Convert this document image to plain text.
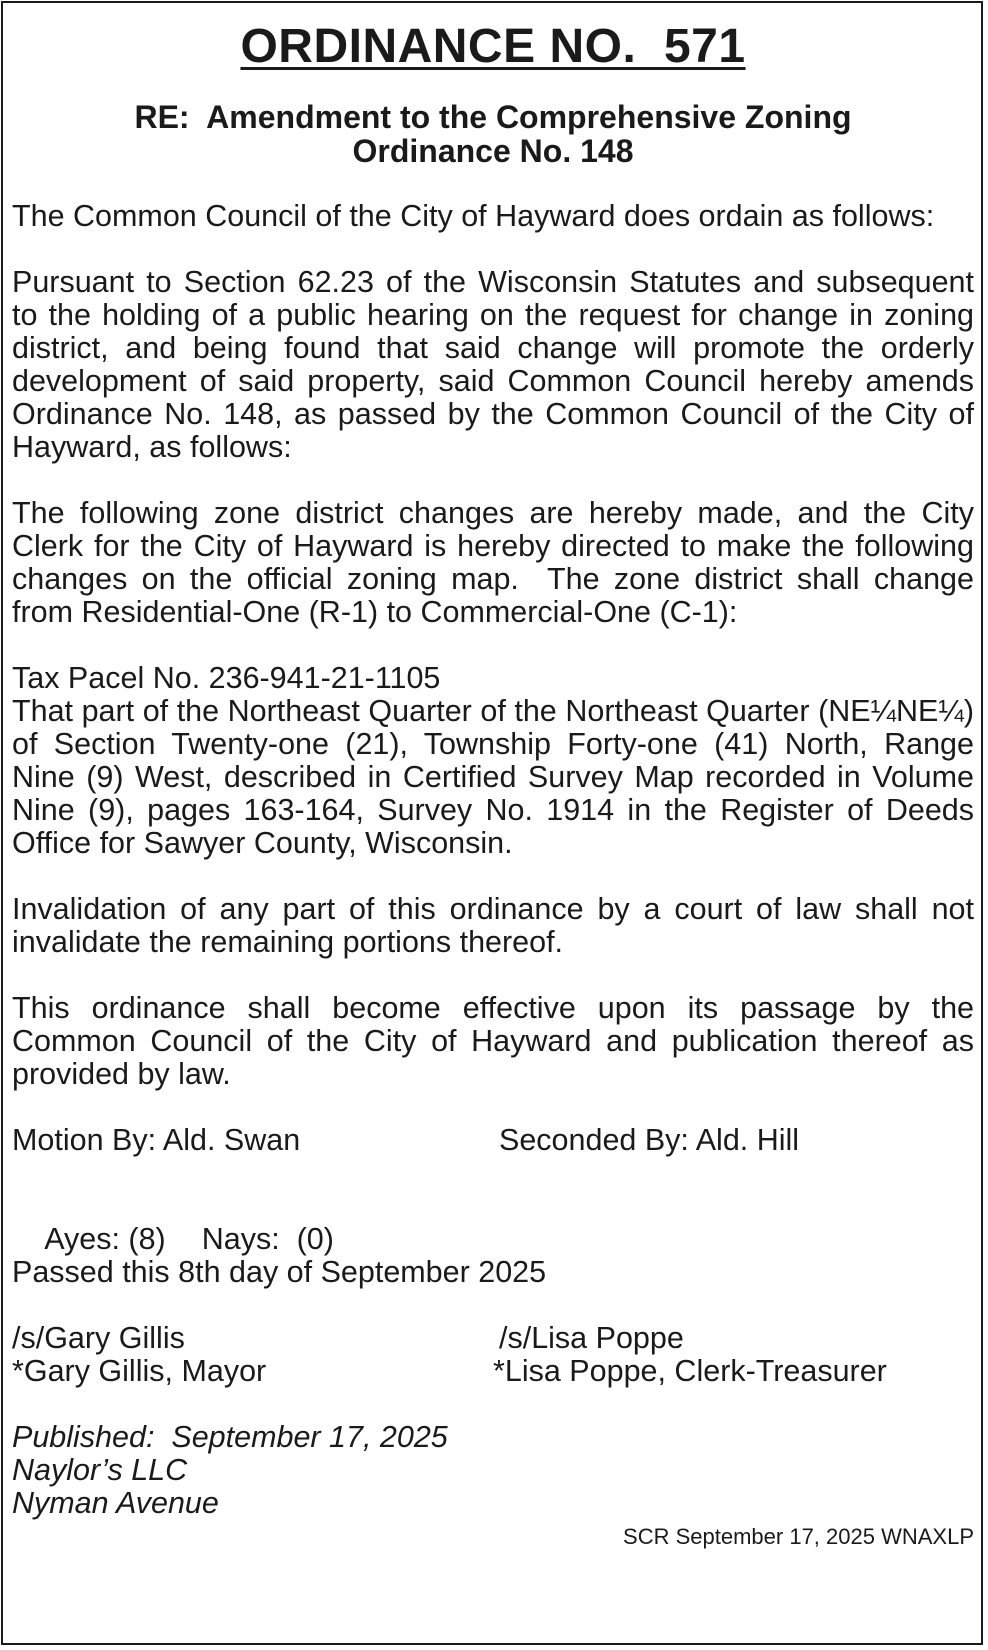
ORDINANCE NO.  571
RE:  Amendment to the Comprehensive Zoning
Ordinance No. 148

The Common Council of the City of Hayward does ordain as follows:

Pursuant to Section 62.23 of the Wisconsin Statutes and subsequent to the holding of a public hearing on the request for change in zoning district, and being found that said change will promote the orderly development of said property, said Common Council hereby amends Ordinance No. 148, as passed by the Common Council of the City of Hayward, as follows:

The following zone district changes are hereby made, and the City Clerk for the City of Hayward is hereby directed to make the following changes on the official zoning map.  The zone district shall change from Residential-One (R-1) to Commercial-One (C-1):

Tax Pacel No. 236-941-21-1105

That part of the Northeast Quarter of the Northeast Quarter (NE¼NE¼) of Section Twenty-one (21), Township Forty-one (41) North, Range Nine (9) West, described in Certified Survey Map recorded in Volume Nine (9), pages 163-164, Survey No. 1914 in the Register of Deeds Office for Sawyer County, Wisconsin.

Invalidation of any part of this ordinance by a court of law shall not invalidate the remaining portions thereof.

This ordinance shall become effective upon its passage by the Common Council of the City of Hayward and publication thereof as provided by law.

Motion By: Ald. Swan	Seconded By: Ald. Hill

Ayes: (8) Nays:  (0)

Passed this 8th day of September 2025
/s/Gary Gillis	/s/Lisa Poppe
*Gary Gillis, Mayor	*Lisa Poppe, Clerk-Treasurer
Published:  September 17, 2025
Naylor’s LLC
Nyman Avenue
SCR September 17, 2025 WNAXLP
